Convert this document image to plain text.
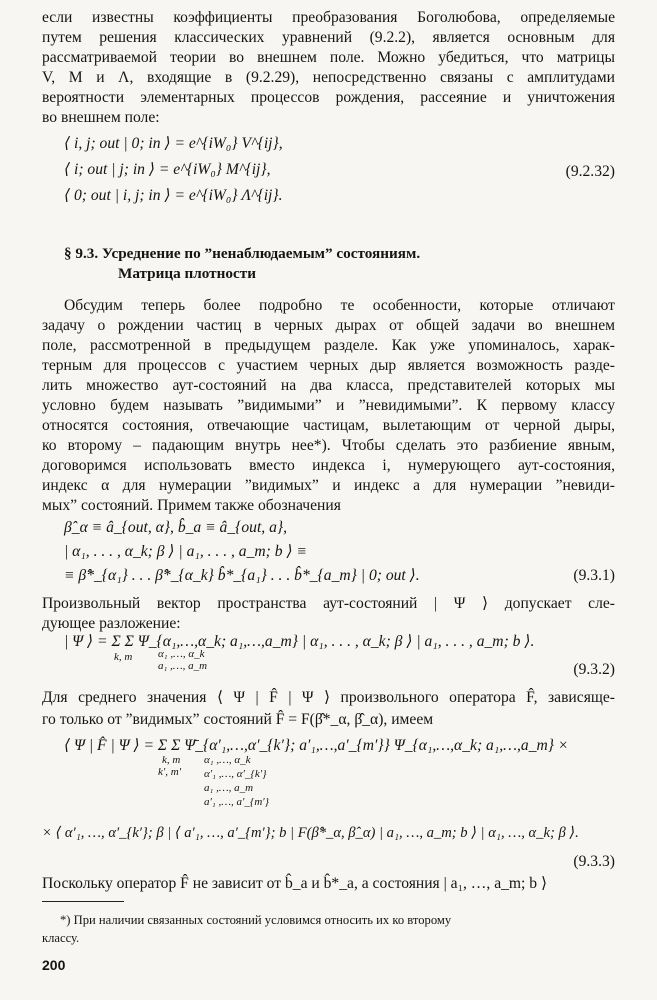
если известны коэффициенты преобразования Боголюбова, определяемые
путем решения классических уравнений (9.2.2), является основным для
рассматриваемой теории во внешнем поле. Можно убедиться, что матрицы
V, M и Λ, входящие в (9.2.29), непосредственно связаны с амплитудами
вероятности элементарных процессов рождения, рассеяние и уничтожения
во внешнем поле:
⟨ i, j; out | 0; in ⟩ = e^{iW₀} V^{ij},
⟨ i; out | j; in ⟩ = e^{iW₀} M^{ij},
⟨ 0; out | i, j; in ⟩ = e^{iW₀} Λ^{ij}.
(9.2.32)
§ 9.3. Усреднение по ”ненаблюдаемым” состояниям.
Матрица плотности
Обсудим теперь более подробно те особенности, которые отличают
задачу о рождении частиц в черных дырах от общей задачи во внешнем
поле, рассмотренной в предыдущем разделе. Как уже упоминалось, харак-
терным для процессов с участием черных дыр является возможность разде-
лить множество аут-состояний на два класса, представителей которых мы
условно будем называть ”видимыми” и ”невидимыми”. К первому классу
относятся состояния, отвечающие частицам, вылетающим от черной дыры,
ко второму – падающим внутрь нее*). Чтобы сделать это разбиение явным,
договоримся использовать вместо индекса i, нумерующего аут-состояния,
индекс α для нумерации ”видимых” и индекс a для нумерации ”невиди-
мых” состояний. Примем также обозначения
β̂_α ≡ â_{out, α}, b̂_a ≡ â_{out, a},
| α₁, . . . , α_k; β ⟩ | a₁, . . . , a_m; b ⟩ ≡
≡ β̂*_{α₁} . . . β̂*_{α_k} b̂*_{a₁} . . . b̂*_{a_m} | 0; out ⟩.	(9.3.1)
Произвольный вектор пространства аут-состояний | Ψ ⟩ допускает сле-
дующее разложение:
| Ψ ⟩ = Σ Σ Ψ_{α₁,…,α_k; a₁,…,a_m} | α₁, . . . , α_k; β ⟩ | a₁, . . . , a_m; b ⟩.
k, m α₁ ,…, α_k
a₁ ,…, a_m	(9.3.2)
Для среднего значения ⟨ Ψ | F̂ | Ψ ⟩ произвольного оператора F̂, зависяще-
го только от ”видимых” состояний F̂ = F(β̂*_α, β̂_α), имеем
⟨ Ψ | F̂ | Ψ ⟩ = Σ Σ Ψ̄_{α′₁,…,α′_{k′}; a′₁,…,a′_{m′}} Ψ_{α₁,…,α_k; a₁,…,a_m} ×
k, m
k′, m′
α₁ ,…, α_k
α′₁ ,…, α′_{k′}
a₁ ,…, a_m
a′₁ ,…, a′_{m′}
× ⟨ α′₁, …, α′_{k′}; β | ⟨ a′₁, …, a′_{m′}; b | F(β̂*_α, β̂_α) | a₁, …, a_m; b ⟩ | α₁, …, α_k; β ⟩.
(9.3.3)
Поскольку оператор F̂ не зависит от b̂_a и b̂*_a, а состояния | a₁, …, a_m; b ⟩
*) При наличии связанных состояний условимся относить их ко второму
классу.
200
